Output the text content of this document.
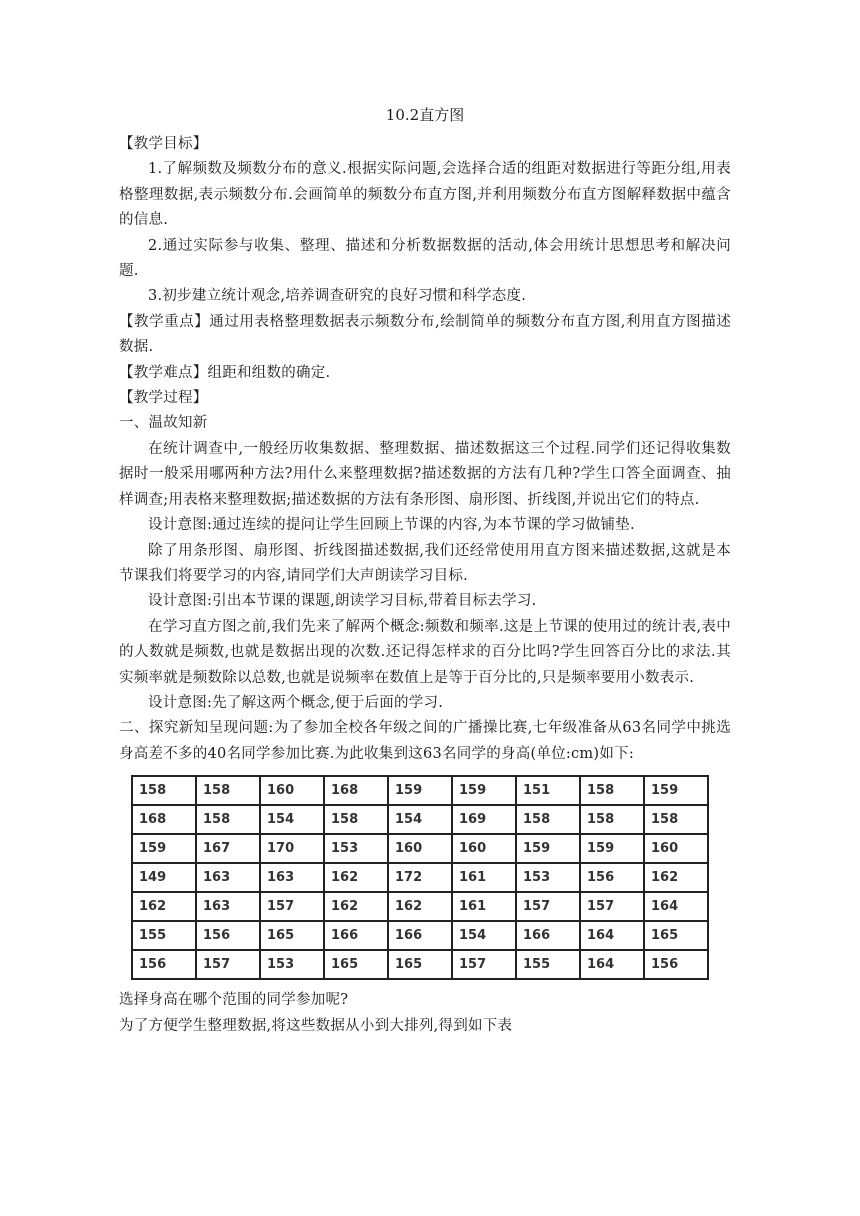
10.2直方图

【教学目标】

1.了解频数及频数分布的意义.根据实际问题,会选择合适的组距对数据进行等距分组,用表格整理数据,表示频数分布.会画简单的频数分布直方图,并利用频数分布直方图解释数据中蕴含的信息.

2.通过实际参与收集、整理、描述和分析数据数据的活动,体会用统计思想思考和解决问题.

3.初步建立统计观念,培养调查研究的良好习惯和科学态度.

【教学重点】通过用表格整理数据表示频数分布,绘制简单的频数分布直方图,利用直方图描述数据.

【教学难点】组距和组数的确定.

【教学过程】

一、温故知新

在统计调查中,一般经历收集数据、整理数据、描述数据这三个过程.同学们还记得收集数据时一般采用哪两种方法?用什么来整理数据?描述数据的方法有几种?学生口答全面调查、抽样调查;用表格来整理数据;描述数据的方法有条形图、扇形图、折线图,并说出它们的特点.

设计意图:通过连续的提问让学生回顾上节课的内容,为本节课的学习做铺垫.

除了用条形图、扇形图、折线图描述数据,我们还经常使用用直方图来描述数据,这就是本节课我们将要学习的内容,请同学们大声朗读学习目标.

设计意图:引出本节课的课题,朗读学习目标,带着目标去学习.

在学习直方图之前,我们先来了解两个概念:频数和频率.这是上节课的使用过的统计表,表中的人数就是频数,也就是数据出现的次数.还记得怎样求的百分比吗?学生回答百分比的求法.其实频率就是频数除以总数,也就是说频率在数值上是等于百分比的,只是频率要用小数表示.

设计意图:先了解这两个概念,便于后面的学习.

二、探究新知呈现问题:为了参加全校各年级之间的广播操比赛,七年级准备从63名同学中挑选身高差不多的40名同学参加比赛.为此收集到这63名同学的身高(单位:cm)如下:

158	158	160	168	159	159	151	158	159
168	158	154	158	154	169	158	158	158
159	167	170	153	160	160	159	159	160
149	163	163	162	172	161	153	156	162
162	163	157	162	162	161	157	157	164
155	156	165	166	166	154	166	164	165
156	157	153	165	165	157	155	164	156

选择身高在哪个范围的同学参加呢?

为了方便学生整理数据,将这些数据从小到大排列,得到如下表
